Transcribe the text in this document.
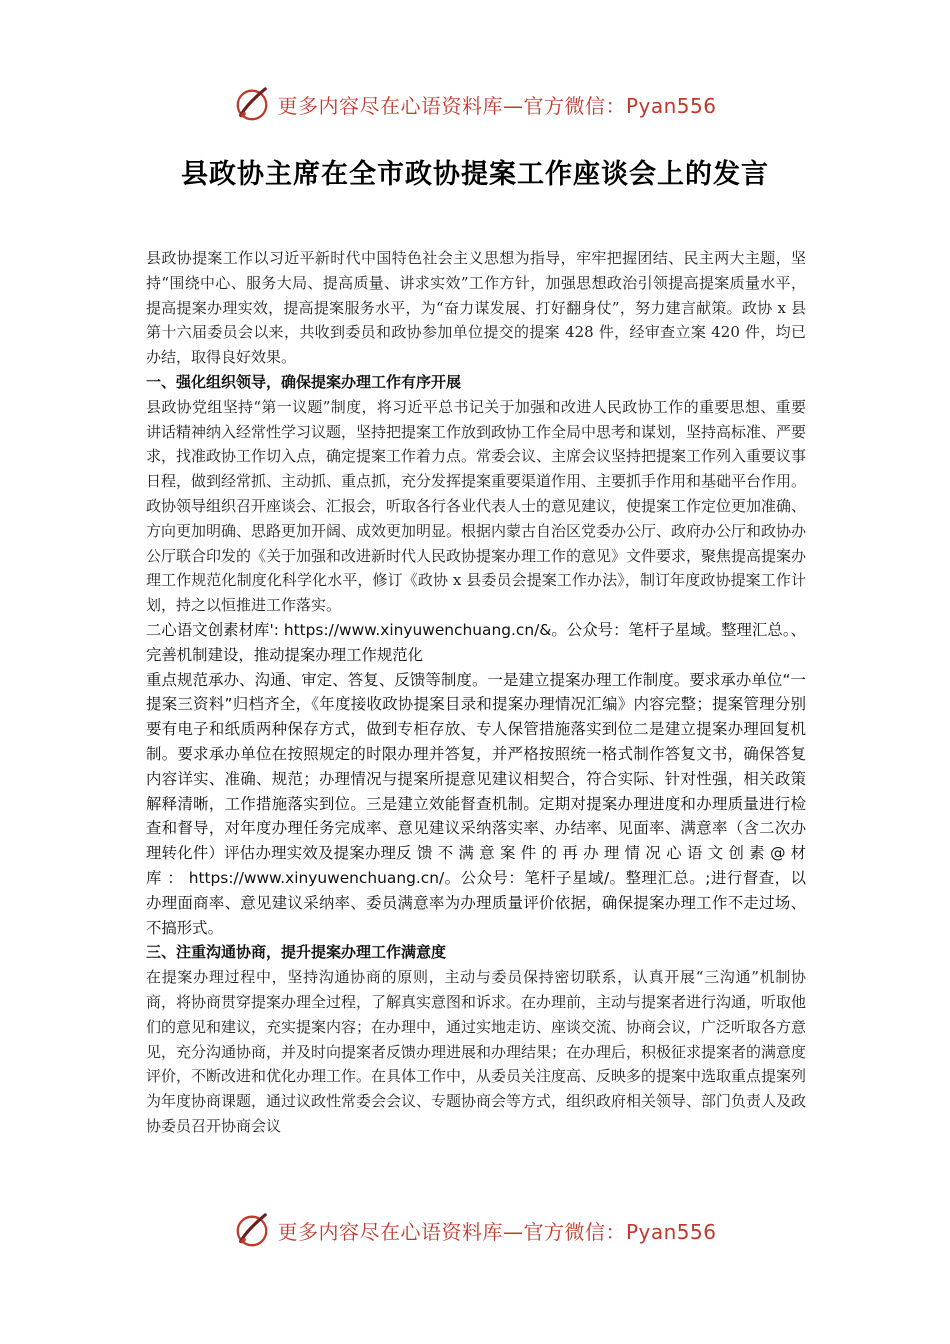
更多内容尽在心语资料库—官方微信：Pyan556
县政协主席在全市政协提案工作座谈会上的发言

县政协提案工作以习近平新时代中国特色社会主义思想为指导，牢牢把握团结、民主两大主题，坚持“围绕中心、服务大局、提高质量、讲求实效”工作方针，加强思想政治引领提高提案质量水平，提高提案办理实效，提高提案服务水平，为“奋力谋发展、打好翻身仗”，努力建言献策。政协 x 县第十六届委员会以来，共收到委员和政协参加单位提交的提案 428 件，经审查立案 420 件，均已办结，取得良好效果。

一、强化组织领导，确保提案办理工作有序开展

县政协党组坚持“第一议题”制度，将习近平总书记关于加强和改进人民政协工作的重要思想、重要讲话精神纳入经常性学习议题，坚持把提案工作放到政协工作全局中思考和谋划，坚持高标准、严要求，找准政协工作切入点，确定提案工作着力点。常委会议、主席会议坚持把提案工作列入重要议事日程，做到经常抓、主动抓、重点抓，充分发挥提案重要渠道作用、主要抓手作用和基础平台作用。政协领导组织召开座谈会、汇报会，听取各行各业代表人士的意见建议，使提案工作定位更加准确、方向更加明确、思路更加开阔、成效更加明显。根据内蒙古自治区党委办公厅、政府办公厅和政协办公厅联合印发的《关于加强和改进新时代人民政协提案办理工作的意见》文件要求，聚焦提高提案办理工作规范化制度化科学化水平，修订《政协 x 县委员会提案工作办法》，制订年度政协提案工作计划，持之以恒推进工作落实。

二心语文创素材库': https://www.xinyuwenchuang.cn/&。公众号：笔杆子星域。整理汇总。、完善机制建设，推动提案办理工作规范化

重点规范承办、沟通、审定、答复、反馈等制度。一是建立提案办理工作制度。要求承办单位“一提案三资料”归档齐全，《年度接收政协提案目录和提案办理情况汇编》内容完整；提案管理分别要有电子和纸质两种保存方式，做到专柜存放、专人保管措施落实到位二是建立提案办理回复机制。要求承办单位在按照规定的时限办理并答复，并严格按照统一格式制作答复文书，确保答复内容详实、准确、规范；办理情况与提案所提意见建议相契合，符合实际、针对性强，相关政策解释清晰，工作措施落实到位。三是建立效能督查机制。定期对提案办理进度和办理质量进行检查和督导，对年度办理任务完成率、意见建议采纳落实率、办结率、见面率、满意率（含二次办理转化件）评估办理实效及提案办理反 馈 不 满 意 案 件 的 再 办 理 情 况 心 语 文 创 素 @ 材 库 ： https://www.xinyuwenchuang.cn/。公众号：笔杆子星域/。整理汇总。;进行督查，以办理面商率、意见建议采纳率、委员满意率为办理质量评价依据，确保提案办理工作不走过场、不搞形式。

三、注重沟通协商，提升提案办理工作满意度

在提案办理过程中，坚持沟通协商的原则，主动与委员保持密切联系，认真开展“三沟通”机制协商，将协商贯穿提案办理全过程，了解真实意图和诉求。在办理前，主动与提案者进行沟通，听取他们的意见和建议，充实提案内容；在办理中，通过实地走访、座谈交流、协商会议，广泛听取各方意见，充分沟通协商，并及时向提案者反馈办理进展和办理结果；在办理后，积极征求提案者的满意度评价，不断改进和优化办理工作。在具体工作中，从委员关注度高、反映多的提案中选取重点提案列为年度协商课题，通过议政性常委会会议、专题协商会等方式，组织政府相关领导、部门负责人及政协委员召开协商会议

更多内容尽在心语资料库—官方微信：Pyan556
